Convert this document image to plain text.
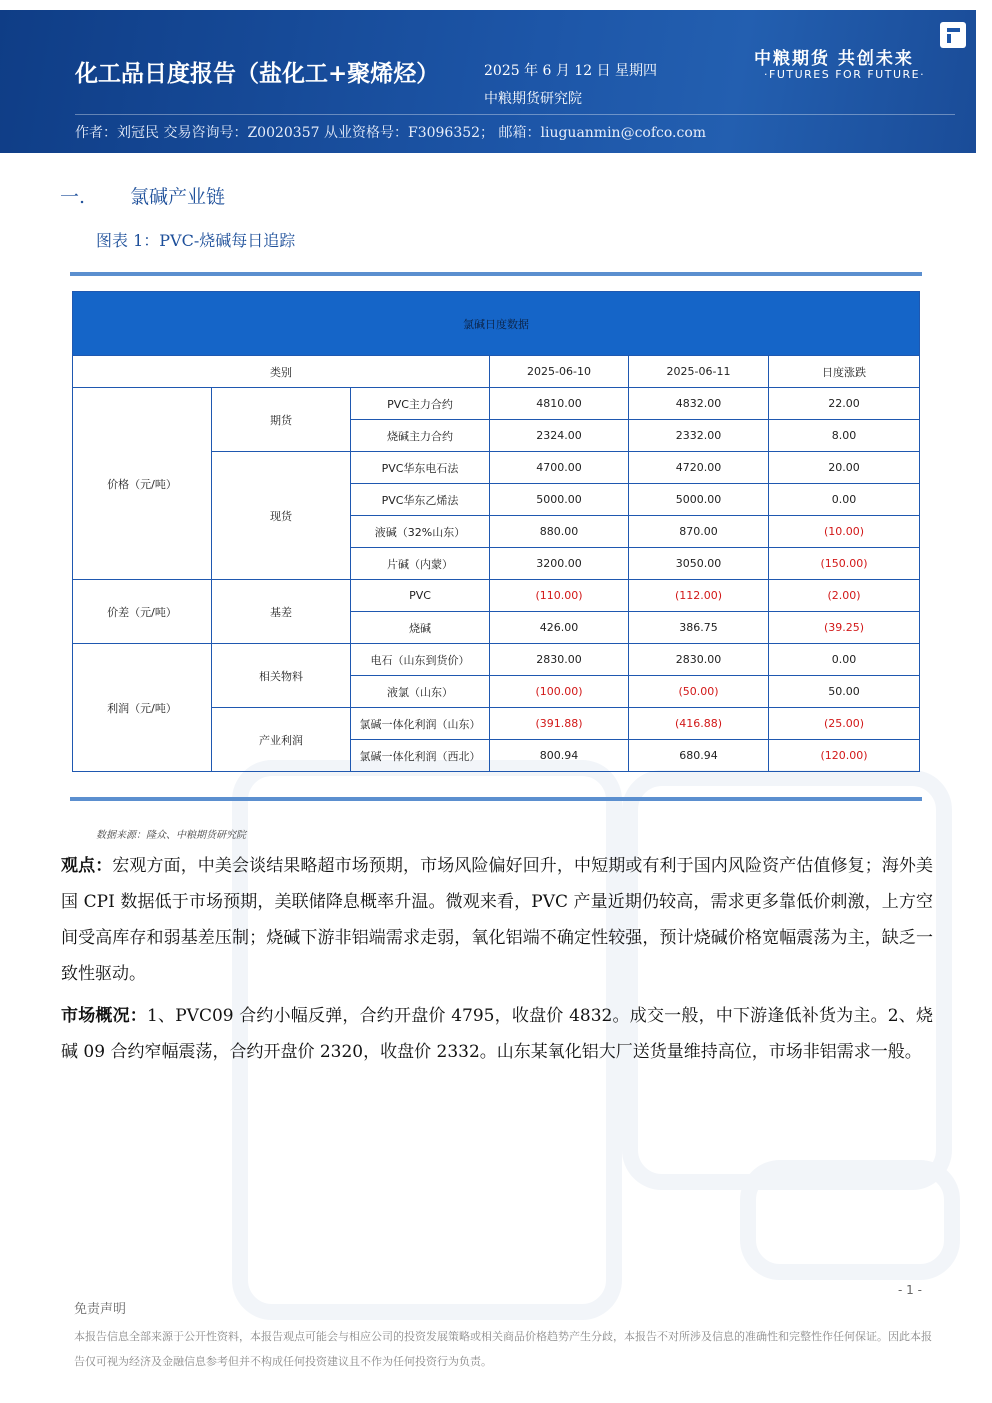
化工品日度报告（盐化工+聚烯烃）	2025 年 6 月 12 日 星期四
中粮期货研究院
作者：刘冠民 交易咨询号：Z0020357 从业资格号：F3096352； 邮箱：liuguanmin@cofco.com
中粮期货 共创未来
·FUTURES FOR FUTURE·
一. 氯碱产业链
图表 1：PVC-烧碱每日追踪
氯碱日度数据					
类别			2025-06-10	2025-06-11	日度涨跌
价格（元/吨）	期货	PVC主力合约	4810.00	4832.00	22.00
		烧碱主力合约	2324.00	2332.00	8.00
	现货	PVC华东电石法	4700.00	4720.00	20.00
		PVC华东乙烯法	5000.00	5000.00	0.00
		液碱（32%山东）	880.00	870.00	(10.00)
		片碱（内蒙）	3200.00	3050.00	(150.00)
价差（元/吨）	基差	PVC	(110.00)	(112.00)	(2.00)
		烧碱	426.00	386.75	(39.25)
利润（元/吨）	相关物料	电石（山东到货价）	2830.00	2830.00	0.00
		液氯（山东）	(100.00)	(50.00)	50.00
	产业利润	氯碱一体化利润（山东）	(391.88)	(416.88)	(25.00)
		氯碱一体化利润（西北）	800.94	680.94	(120.00)
数据来源：隆众、中粮期货研究院

观点：宏观方面，中美会谈结果略超市场预期，市场风险偏好回升，中短期或有利于国内风险资产估值修复；海外美国 CPI 数据低于市场预期，美联储降息概率升温。微观来看，PVC 产量近期仍较高，需求更多靠低价刺激，上方空间受高库存和弱基差压制；烧碱下游非铝端需求走弱，氧化铝端不确定性较强，预计烧碱价格宽幅震荡为主，缺乏一致性驱动。

市场概况：1、PVC09 合约小幅反弹，合约开盘价 4795，收盘价 4832。成交一般，中下游逢低补货为主。2、烧碱 09 合约窄幅震荡，合约开盘价 2320，收盘价 2332。山东某氧化铝大厂送货量维持高位，市场非铝需求一般。

- 1 -
免责声明

本报告信息全部来源于公开性资料，本报告观点可能会与相应公司的投资发展策略或相关商品价格趋势产生分歧，本报告不对所涉及信息的准确性和完整性作任何保证。因此本报告仅可视为经济及金融信息参考但并不构成任何投资建议且不作为任何投资行为负责。
